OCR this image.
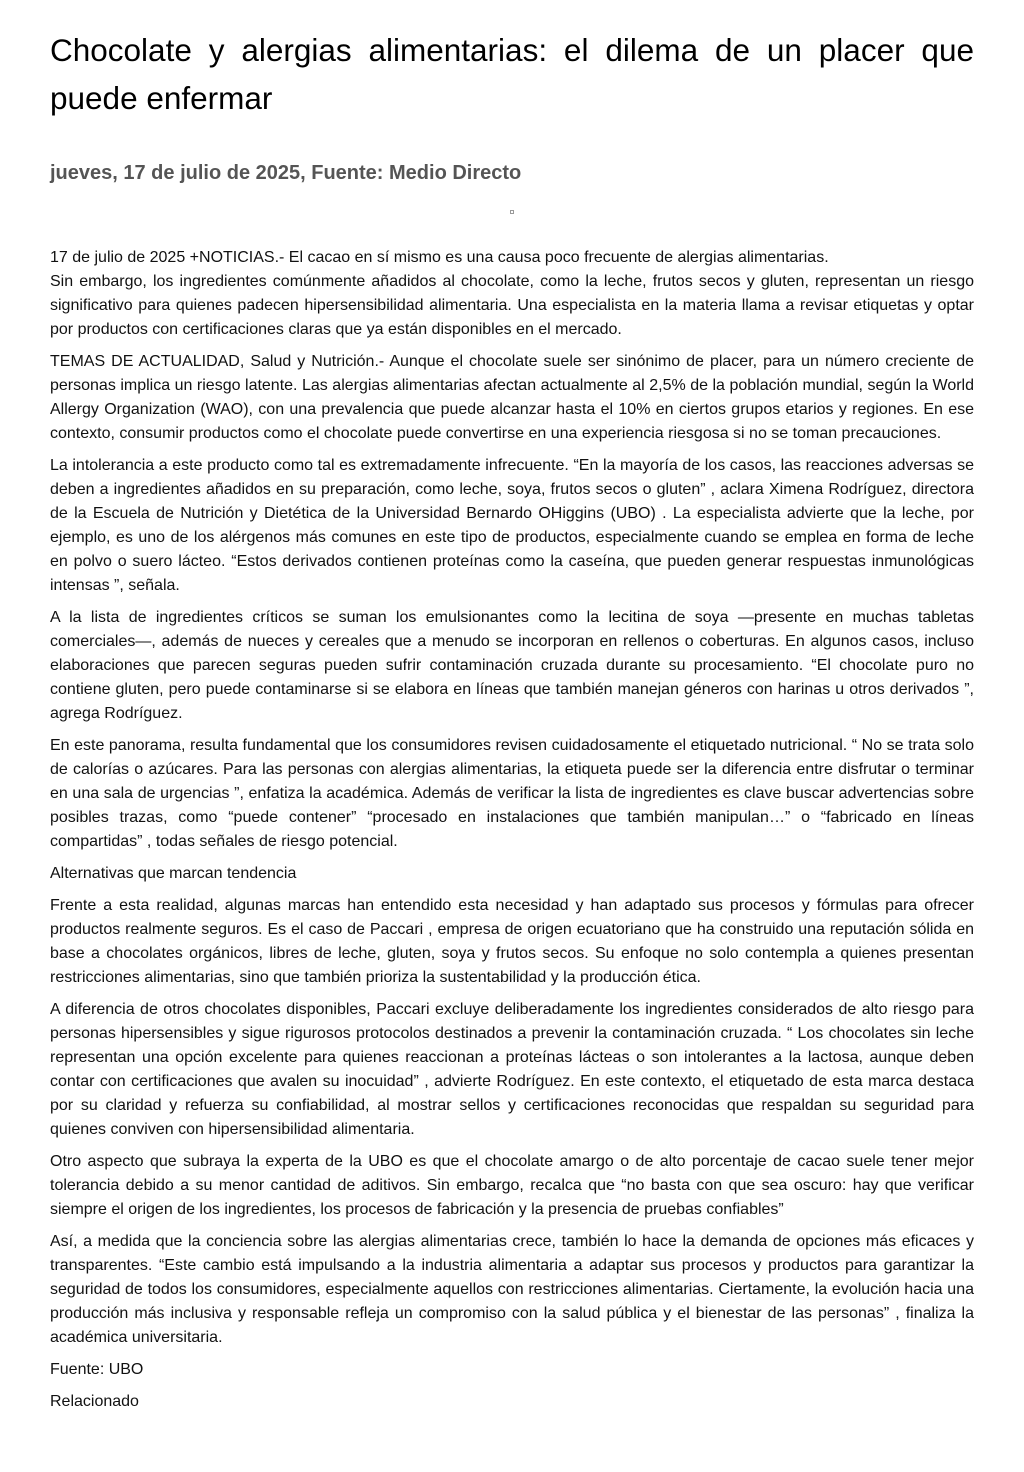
Chocolate y alergias alimentarias: el dilema de un placer que puede enfermar
jueves, 17 de julio de 2025, Fuente: Medio Directo

17 de julio de 2025 +NOTICIAS.- El cacao en sí mismo es una causa poco frecuente de alergias alimentarias.

Sin embargo, los ingredientes comúnmente añadidos al chocolate, como la leche, frutos secos y gluten, representan un riesgo significativo para quienes padecen hipersensibilidad alimentaria. Una especialista en la materia llama a revisar etiquetas y optar por productos con certificaciones claras que ya están disponibles en el mercado.

TEMAS DE ACTUALIDAD, Salud y Nutrición.- Aunque el chocolate suele ser sinónimo de placer, para un número creciente de personas implica un riesgo latente. Las alergias alimentarias afectan actualmente al 2,5% de la población mundial, según la World Allergy Organization (WAO), con una prevalencia que puede alcanzar hasta el 10% en ciertos grupos etarios y regiones. En ese contexto, consumir productos como el chocolate puede convertirse en una experiencia riesgosa si no se toman precauciones.

La intolerancia a este producto como tal es extremadamente infrecuente. “En la mayoría de los casos, las reacciones adversas se deben a ingredientes añadidos en su preparación, como leche, soya, frutos secos o gluten” , aclara Ximena Rodríguez, directora de la Escuela de Nutrición y Dietética de la Universidad Bernardo OHiggins (UBO) . La especialista advierte que la leche, por ejemplo, es uno de los alérgenos más comunes en este tipo de productos, especialmente cuando se emplea en forma de leche en polvo o suero lácteo. “Estos derivados contienen proteínas como la caseína, que pueden generar respuestas inmunológicas intensas ”, señala.

A la lista de ingredientes críticos se suman los emulsionantes como la lecitina de soya —presente en muchas tabletas comerciales—, además de nueces y cereales que a menudo se incorporan en rellenos o coberturas. En algunos casos, incluso elaboraciones que parecen seguras pueden sufrir contaminación cruzada durante su procesamiento. “El chocolate puro no contiene gluten, pero puede contaminarse si se elabora en líneas que también manejan géneros con harinas u otros derivados ”, agrega Rodríguez.

En este panorama, resulta fundamental que los consumidores revisen cuidadosamente el etiquetado nutricional. “ No se trata solo de calorías o azúcares. Para las personas con alergias alimentarias, la etiqueta puede ser la diferencia entre disfrutar o terminar en una sala de urgencias ”, enfatiza la académica. Además de verificar la lista de ingredientes es clave buscar advertencias sobre posibles trazas, como “puede contener” “procesado en instalaciones que también manipulan…” o “fabricado en líneas compartidas” , todas señales de riesgo potencial.

Alternativas que marcan tendencia

Frente a esta realidad, algunas marcas han entendido esta necesidad y han adaptado sus procesos y fórmulas para ofrecer productos realmente seguros. Es el caso de Paccari , empresa de origen ecuatoriano que ha construido una reputación sólida en base a chocolates orgánicos, libres de leche, gluten, soya y frutos secos. Su enfoque no solo contempla a quienes presentan restricciones alimentarias, sino que también prioriza la sustentabilidad y la producción ética.

A diferencia de otros chocolates disponibles, Paccari excluye deliberadamente los ingredientes considerados de alto riesgo para personas hipersensibles y sigue rigurosos protocolos destinados a prevenir la contaminación cruzada. “ Los chocolates sin leche representan una opción excelente para quienes reaccionan a proteínas lácteas o son intolerantes a la lactosa, aunque deben contar con certificaciones que avalen su inocuidad” , advierte Rodríguez. En este contexto, el etiquetado de esta marca destaca por su claridad y refuerza su confiabilidad, al mostrar sellos y certificaciones reconocidas que respaldan su seguridad para quienes conviven con hipersensibilidad alimentaria.

Otro aspecto que subraya la experta de la UBO es que el chocolate amargo o de alto porcentaje de cacao suele tener mejor tolerancia debido a su menor cantidad de aditivos. Sin embargo, recalca que “no basta con que sea oscuro: hay que verificar siempre el origen de los ingredientes, los procesos de fabricación y la presencia de pruebas confiables”

Así, a medida que la conciencia sobre las alergias alimentarias crece, también lo hace la demanda de opciones más eficaces y transparentes. “Este cambio está impulsando a la industria alimentaria a adaptar sus procesos y productos para garantizar la seguridad de todos los consumidores, especialmente aquellos con restricciones alimentarias. Ciertamente, la evolución hacia una producción más inclusiva y responsable refleja un compromiso con la salud pública y el bienestar de las personas” , finaliza la académica universitaria.

Fuente: UBO

Relacionado
